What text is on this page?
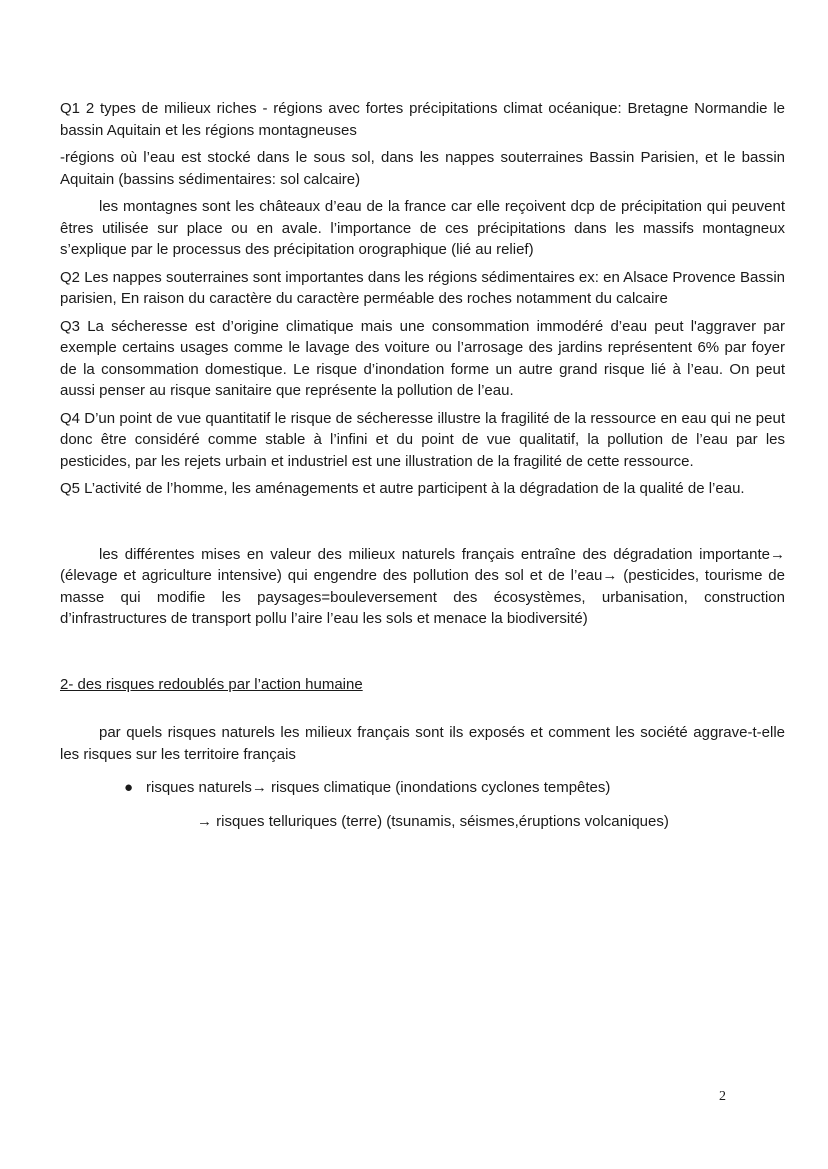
Q1 2 types de milieux riches - régions avec fortes précipitations climat océanique: Bretagne Normandie le bassin Aquitain et les régions montagneuses

-régions où l’eau est stocké dans le sous sol, dans les nappes souterraines Bassin Parisien, et le bassin Aquitain (bassins sédimentaires: sol calcaire)

les montagnes sont les châteaux d’eau de la france car elle reçoivent dcp de précipitation qui peuvent êtres utilisée sur place ou en avale. l’importance de ces précipitations dans les massifs montagneux s’explique par le processus des précipitation orographique (lié au relief)

Q2 Les nappes souterraines sont importantes dans les régions sédimentaires ex: en Alsace Provence Bassin parisien, En raison du caractère du caractère perméable des roches notamment du calcaire

Q3 La sécheresse est d’origine climatique mais une consommation immodéré d’eau peut l'aggraver par exemple certains usages comme le lavage des voiture ou l’arrosage des jardins représentent 6% par foyer de la consommation domestique. Le risque d’inondation forme un autre grand risque lié à l’eau. On peut aussi penser au risque sanitaire que représente la pollution de l’eau.

Q4 D’un point de vue quantitatif le risque de sécheresse illustre la fragilité de la ressource en eau qui ne peut donc être considéré comme stable à l’infini et du point de vue qualitatif, la pollution de l’eau par les pesticides, par les rejets urbain et industriel est une illustration de la fragilité de cette ressource.

Q5 L’activité de l’homme, les aménagements et autre participent à la dégradation de la qualité de l’eau.

les différentes mises en valeur des milieux naturels français entraîne des dégradation importante→ (élevage et agriculture intensive) qui engendre des pollution des sol et de l’eau→ (pesticides, tourisme de masse qui modifie les paysages=bouleversement des écosystèmes, urbanisation, construction d’infrastructures de transport pollu l’aire l’eau les sols et menace la biodiversité)

2- des risques redoublés par l’action humaine

par quels risques naturels les milieux français sont ils exposés et comment les société aggrave-t-elle les risques sur les territoire français

● risques naturels→ risques climatique (inondations cyclones tempêtes)

→ risques telluriques (terre) (tsunamis, séismes,éruptions volcaniques)

2
